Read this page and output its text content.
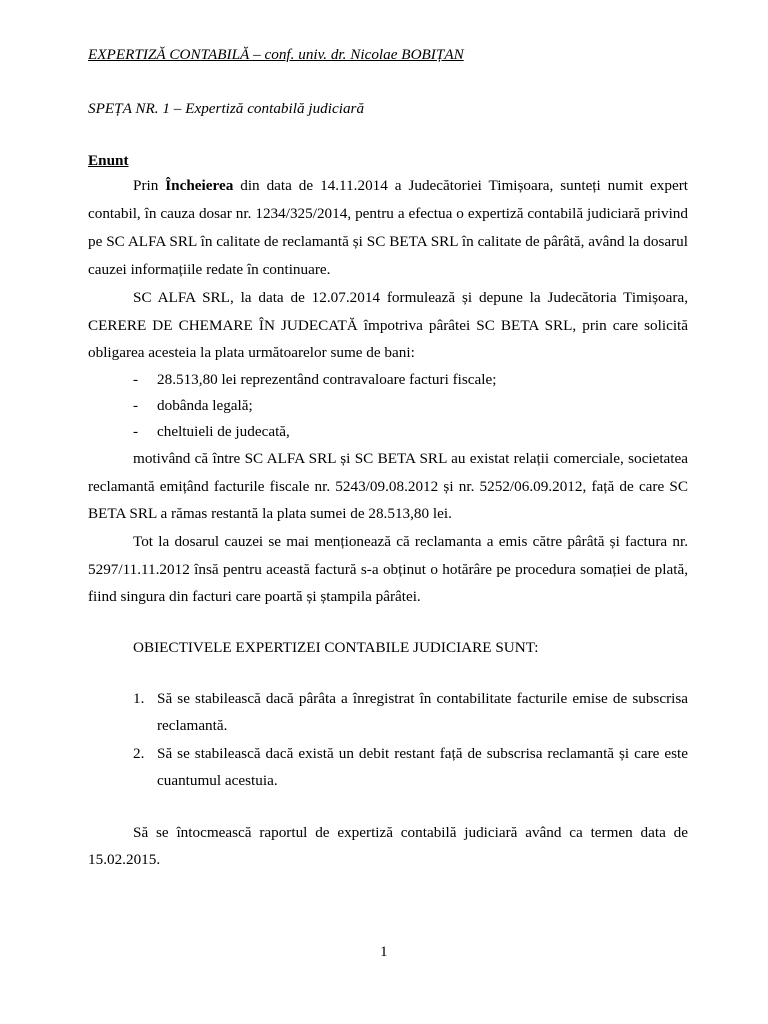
EXPERTIZĂ CONTABILĂ – conf. univ. dr. Nicolae BOBIȚAN
SPEȚA NR. 1 – Expertiză contabilă judiciară
Enunt
Prin Încheierea din data de 14.11.2014 a Judecătoriei Timișoara, sunteți numit expert
contabil, în cauza dosar nr. 1234/325/2014, pentru a efectua o expertiză contabilă judiciară privind
pe SC ALFA SRL în calitate de reclamantă și SC BETA SRL în calitate de pârâtă, având la dosarul
cauzei informațiile redate în continuare.
SC ALFA SRL, la data de 12.07.2014 formulează și depune la Judecătoria Timișoara,
CERERE DE CHEMARE ÎN JUDECATĂ împotriva pârâtei SC BETA SRL, prin care solicită
obligarea acesteia la plata următoarelor sume de bani:
- 28.513,80 lei reprezentând contravaloare facturi fiscale;
- dobânda legală;
- cheltuieli de judecată,
motivând că între SC ALFA SRL și SC BETA SRL au existat relații comerciale, societatea
reclamantă emițând facturile fiscale nr. 5243/09.08.2012 și nr. 5252/06.09.2012, față de care SC
BETA SRL a rămas restantă la plata sumei de 28.513,80 lei.
Tot la dosarul cauzei se mai menționează că reclamanta a emis către pârâtă și factura nr.
5297/11.11.2012 însă pentru această factură s-a obținut o hotărâre pe procedura somației de plată,
fiind singura din facturi care poartă și ștampila pârâtei.
OBIECTIVELE EXPERTIZEI CONTABILE JUDICIARE SUNT:
1. Să se stabilească dacă pârâta a înregistrat în contabilitate facturile emise de subscrisa
reclamantă.
2. Să se stabilească dacă există un debit restant față de subscrisa reclamantă și care este
cuantumul acestuia.
Să se întocmească raportul de expertiză contabilă judiciară având ca termen data de
15.02.2015.
1
